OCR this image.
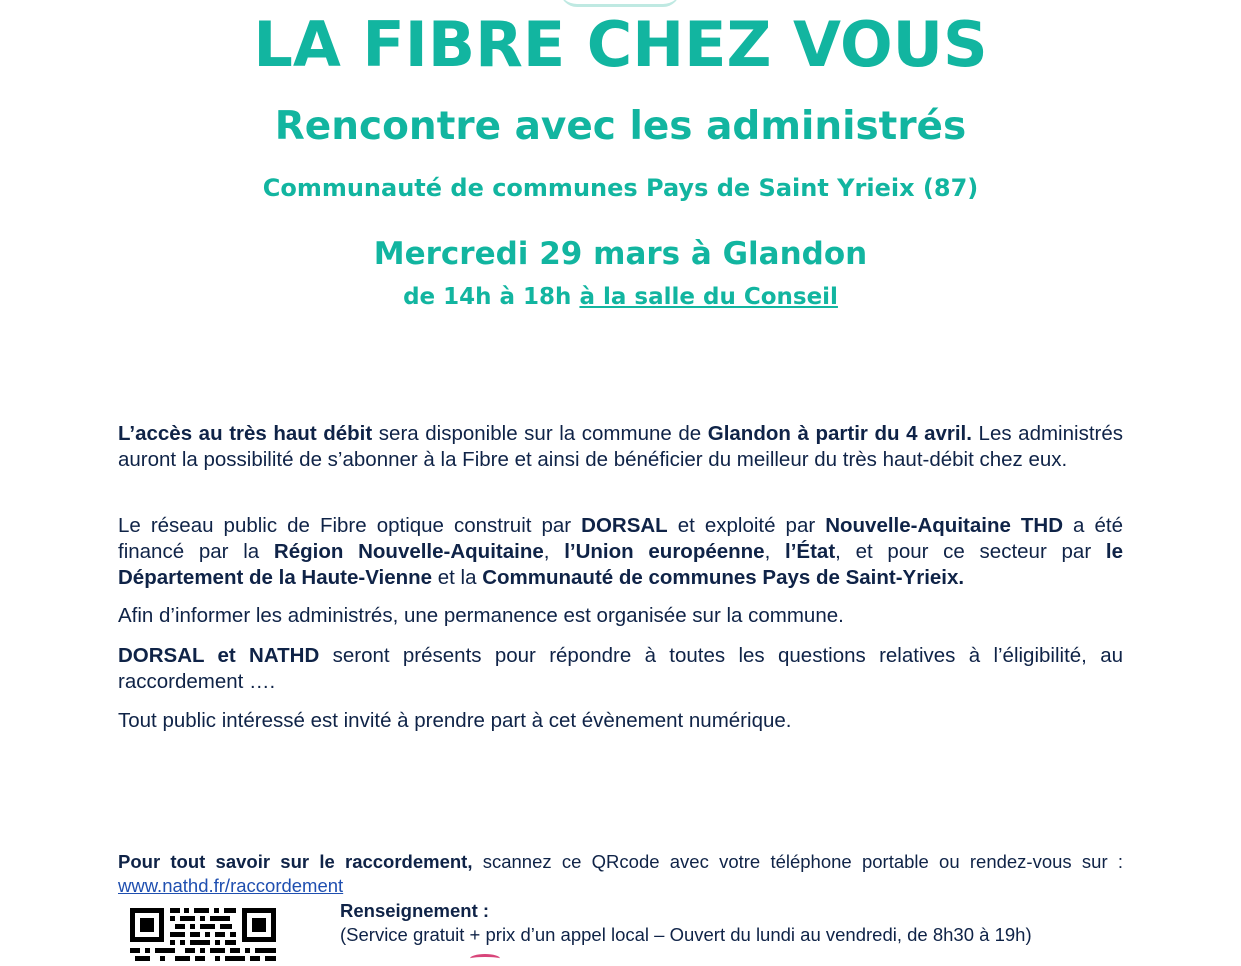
LA FIBRE CHEZ VOUS
Rencontre avec les administrés
Communauté de communes Pays de Saint Yrieix (87)
Mercredi 29 mars à Glandon
de 14h à 18h à la salle du Conseil

L’accès au très haut débit sera disponible sur la commune de Glandon à partir du 4 avril. Les administrés auront la possibilité de s’abonner à la Fibre et ainsi de bénéficier du meilleur du très haut-débit chez eux.

Le réseau public de Fibre optique construit par DORSAL et exploité par Nouvelle-Aquitaine THD a été financé par la Région Nouvelle-Aquitaine, l’Union européenne, l’État, et pour ce secteur par le Département de la Haute-Vienne et la Communauté de communes Pays de Saint-Yrieix.

Afin d’informer les administrés, une permanence est organisée sur la commune.

DORSAL et NATHD seront présents pour répondre à toutes les questions relatives à l’éligibilité, au raccordement ….

Tout public intéressé est invité à prendre part à cet évènement numérique.

Pour tout savoir sur le raccordement, scannez ce QRcode avec votre téléphone portable ou rendez-vous sur : www.nathd.fr/raccordement
Renseignement :
(Service gratuit + prix d’un appel local – Ouvert du lundi au vendredi, de 8h30 à 19h)
